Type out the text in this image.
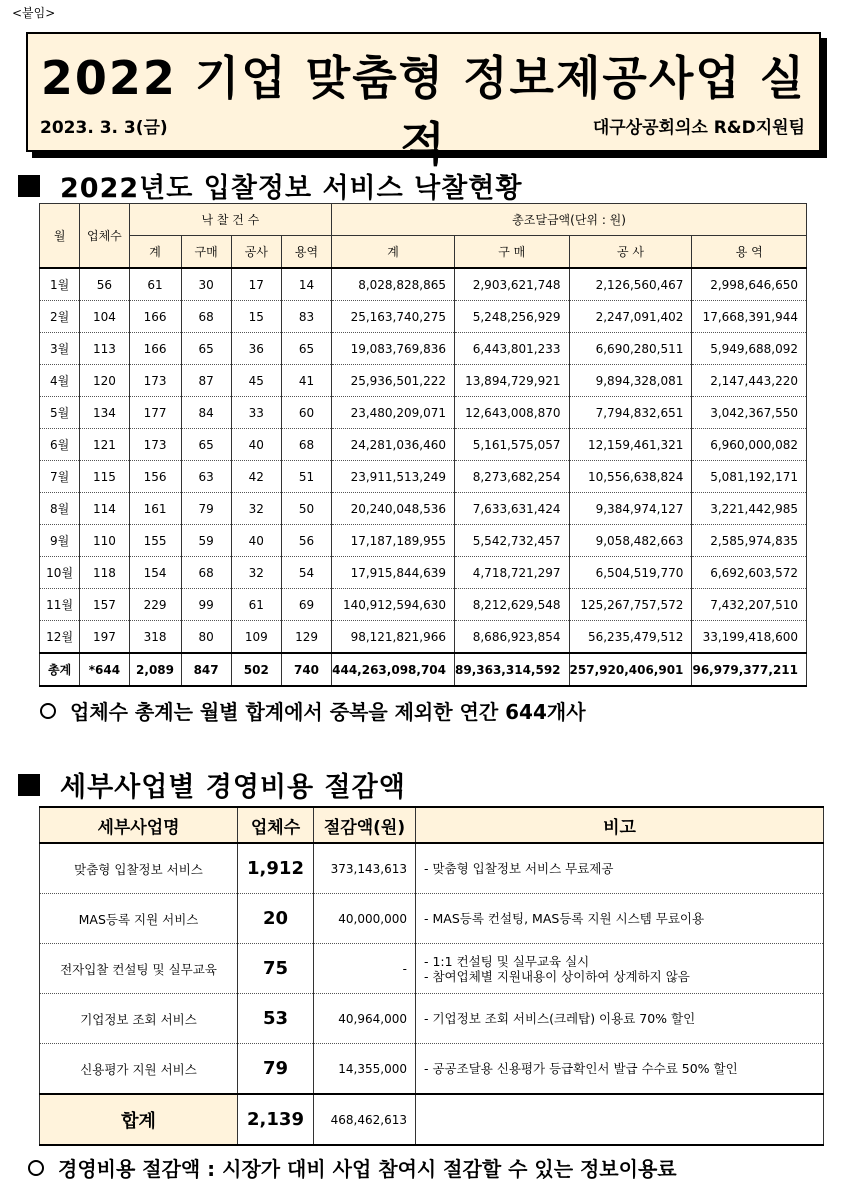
<붙임>
2022 기업 맞춤형 정보제공사업 실적
2023. 3. 3(금)	대구상공회의소 R&D지원팀
2022년도 입찰정보 서비스 낙찰현황
월	업체수	낙 찰 건 수				총조달금액(단위 : 원)			
		계	구매	공사	용역	계	구 매	공 사	용 역
1월	56	61	30	17	14	8,028,828,865	2,903,621,748	2,126,560,467	2,998,646,650
2월	104	166	68	15	83	25,163,740,275	5,248,256,929	2,247,091,402	17,668,391,944
3월	113	166	65	36	65	19,083,769,836	6,443,801,233	6,690,280,511	5,949,688,092
4월	120	173	87	45	41	25,936,501,222	13,894,729,921	9,894,328,081	2,147,443,220
5월	134	177	84	33	60	23,480,209,071	12,643,008,870	7,794,832,651	3,042,367,550
6월	121	173	65	40	68	24,281,036,460	5,161,575,057	12,159,461,321	6,960,000,082
7월	115	156	63	42	51	23,911,513,249	8,273,682,254	10,556,638,824	5,081,192,171
8월	114	161	79	32	50	20,240,048,536	7,633,631,424	9,384,974,127	3,221,442,985
9월	110	155	59	40	56	17,187,189,955	5,542,732,457	9,058,482,663	2,585,974,835
10월	118	154	68	32	54	17,915,844,639	4,718,721,297	6,504,519,770	6,692,603,572
11월	157	229	99	61	69	140,912,594,630	8,212,629,548	125,267,757,572	7,432,207,510
12월	197	318	80	109	129	98,121,821,966	8,686,923,854	56,235,479,512	33,199,418,600
총계	*644	2,089	847	502	740	444,263,098,704	89,363,314,592	257,920,406,901	96,979,377,211
업체수 총계는 월별 합계에서 중복을 제외한 연간 644개사
세부사업별 경영비용 절감액
세부사업명	업체수	절감액(원)	비고
맞춤형 입찰정보 서비스	1,912	373,143,613	- 맞춤형 입찰정보 서비스 무료제공

MAS등록 지원 서비스	20	40,000,000	- MAS등록 컨설팅, MAS등록 지원 시스템 무료이용

전자입찰 컨설팅 및 실무교육	75	-	- 1:1 컨설팅 및 실무교육 실시
- 참여업체별 지원내용이 상이하여 상계하지 않음

기업정보 조회 서비스	53	40,964,000	- 기업정보 조회 서비스(크레탑) 이용료 70% 할인

신용평가 지원 서비스	79	14,355,000	- 공공조달용 신용평가 등급확인서 발급 수수료 50% 할인

합계	2,139	468,462,613	
경영비용 절감액 : 시장가 대비 사업 참여시 절감할 수 있는 정보이용료
